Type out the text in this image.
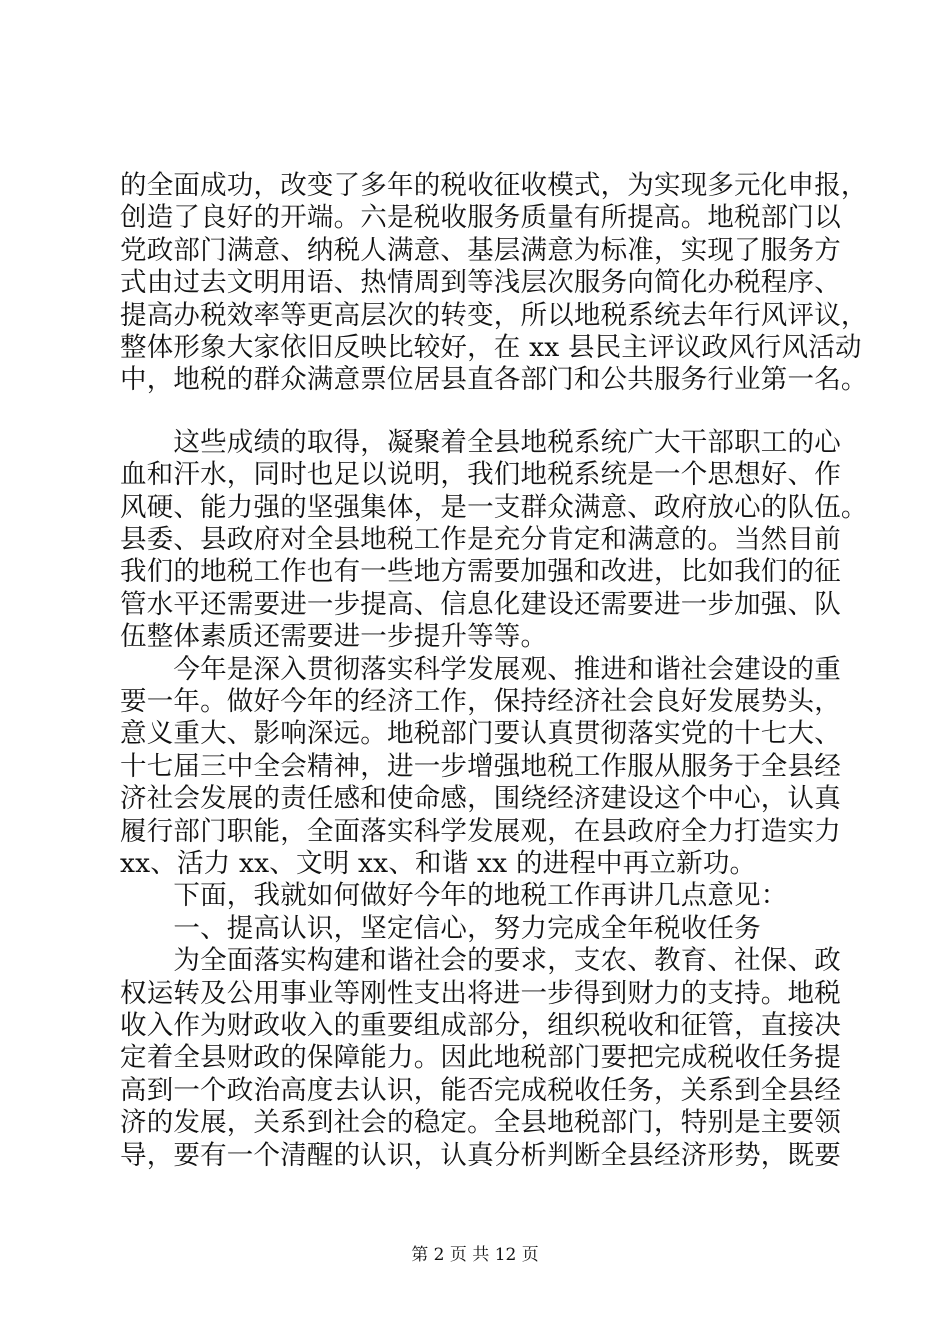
的全面成功，改变了多年的税收征收模式，为实现多元化申报，
创造了良好的开端。六是税收服务质量有所提高。地税部门以
党政部门满意、纳税人满意、基层满意为标准，实现了服务方
式由过去文明用语、热情周到等浅层次服务向简化办税程序、
提高办税效率等更高层次的转变，所以地税系统去年行风评议，
整体形象大家依旧反映比较好，在 xx 县民主评议政风行风活动
中，地税的群众满意票位居县直各部门和公共服务行业第一名。
　　这些成绩的取得，凝聚着全县地税系统广大干部职工的心
血和汗水，同时也足以说明，我们地税系统是一个思想好、作
风硬、能力强的坚强集体，是一支群众满意、政府放心的队伍。
县委、县政府对全县地税工作是充分肯定和满意的。当然目前
我们的地税工作也有一些地方需要加强和改进，比如我们的征
管水平还需要进一步提高、信息化建设还需要进一步加强、队
伍整体素质还需要进一步提升等等。
　　今年是深入贯彻落实科学发展观、推进和谐社会建设的重
要一年。做好今年的经济工作，保持经济社会良好发展势头，
意义重大、影响深远。地税部门要认真贯彻落实党的十七大、
十七届三中全会精神，进一步增强地税工作服从服务于全县经
济社会发展的责任感和使命感，围绕经济建设这个中心，认真
履行部门职能，全面落实科学发展观，在县政府全力打造实力
xx、活力 xx、文明 xx、和谐 xx 的进程中再立新功。
　　下面，我就如何做好今年的地税工作再讲几点意见：
　　一、提高认识，坚定信心，努力完成全年税收任务
　　为全面落实构建和谐社会的要求，支农、教育、社保、政
权运转及公用事业等刚性支出将进一步得到财力的支持。地税
收入作为财政收入的重要组成部分，组织税收和征管，直接决
定着全县财政的保障能力。因此地税部门要把完成税收任务提
高到一个政治高度去认识，能否完成税收任务，关系到全县经
济的发展，关系到社会的稳定。全县地税部门，特别是主要领
导，要有一个清醒的认识，认真分析判断全县经济形势，既要
第 2 页 共 12 页
